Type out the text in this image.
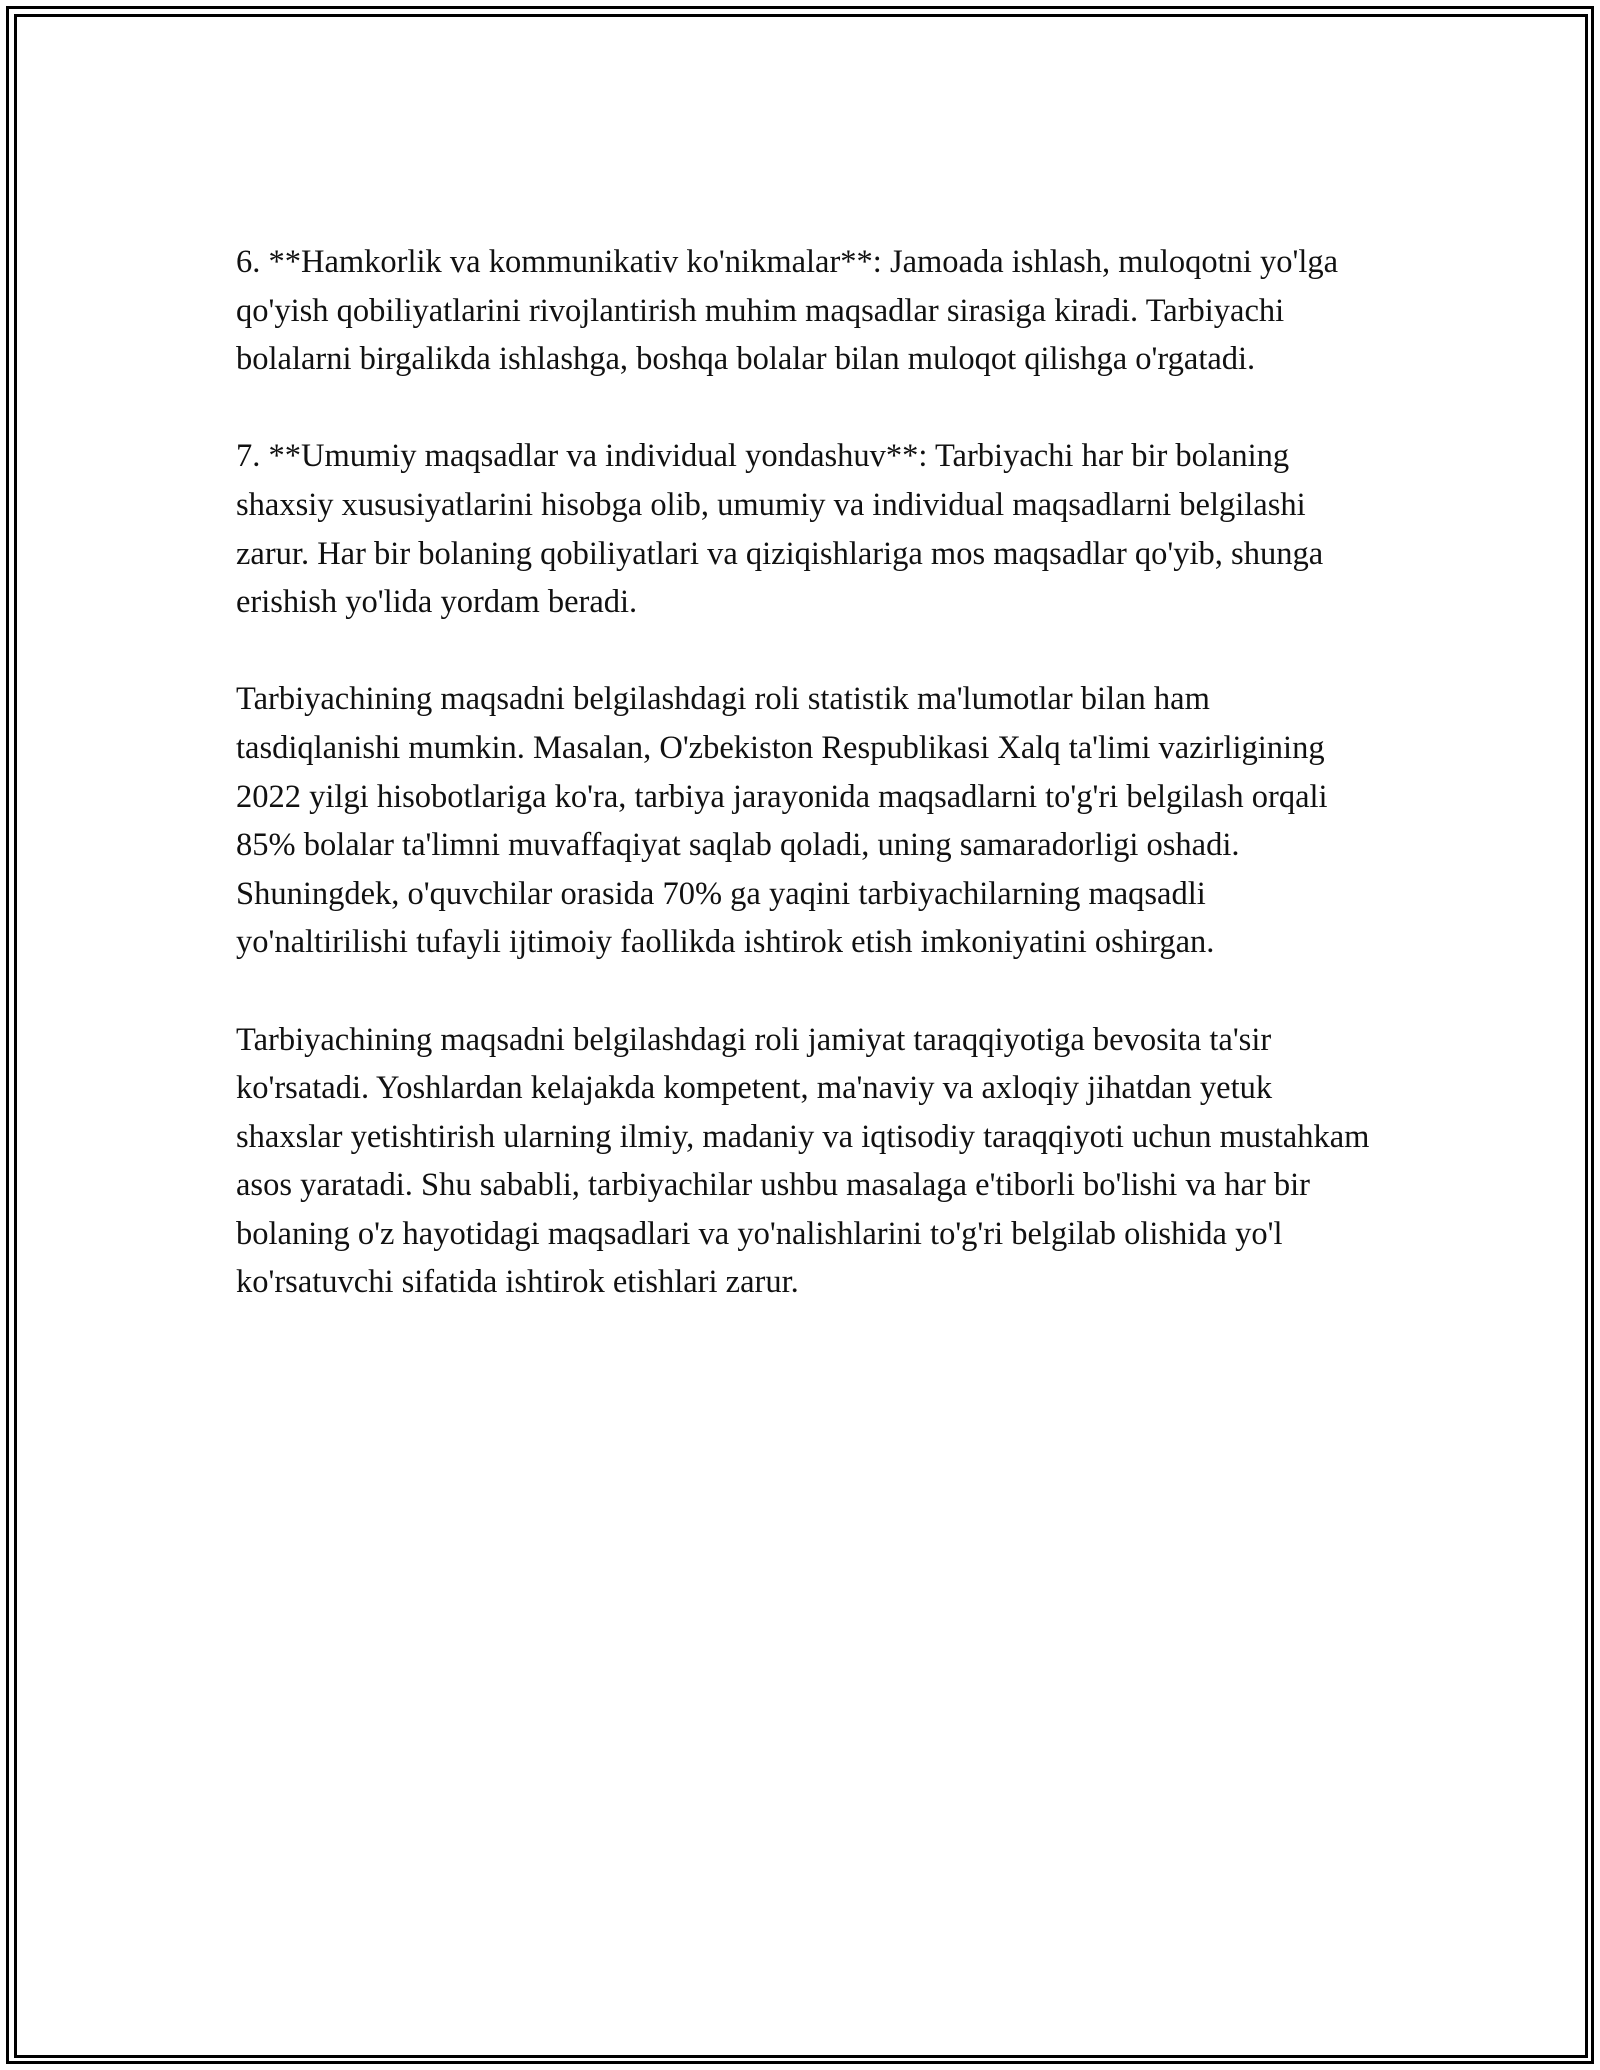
6. **Hamkorlik va kommunikativ ko'nikmalar**: Jamoada ishlash, muloqotni yo'lga qo'yish qobiliyatlarini rivojlantirish muhim maqsadlar sirasiga kiradi. Tarbiyachi bolalarni birgalikda ishlashga, boshqa bolalar bilan muloqot qilishga o'rgatadi.

7. **Umumiy maqsadlar va individual yondashuv**: Tarbiyachi har bir bolaning shaxsiy xususiyatlarini hisobga olib, umumiy va individual maqsadlarni belgilashi zarur. Har bir bolaning qobiliyatlari va qiziqishlariga mos maqsadlar qo'yib, shunga erishish yo'lida yordam beradi.

Tarbiyachining maqsadni belgilashdagi roli statistik ma'lumotlar bilan ham tasdiqlanishi mumkin. Masalan, O'zbekiston Respublikasi Xalq ta'limi vazirligining 2022 yilgi hisobotlariga ko'ra, tarbiya jarayonida maqsadlarni to'g'ri belgilash orqali 85% bolalar ta'limni muvaffaqiyat saqlab qoladi, uning samaradorligi oshadi. Shuningdek, o'quvchilar orasida 70% ga yaqini tarbiyachilarning maqsadli yo'naltirilishi tufayli ijtimoiy faollikda ishtirok etish imkoniyatini oshirgan.

Tarbiyachining maqsadni belgilashdagi roli jamiyat taraqqiyotiga bevosita ta'sir ko'rsatadi. Yoshlardan kelajakda kompetent, ma'naviy va axloqiy jihatdan yetuk shaxslar yetishtirish ularning ilmiy, madaniy va iqtisodiy taraqqiyoti uchun mustahkam asos yaratadi. Shu sababli, tarbiyachilar ushbu masalaga e'tiborli bo'lishi va har bir bolaning o'z hayotidagi maqsadlari va yo'nalishlarini to'g'ri belgilab olishida yo'l ko'rsatuvchi sifatida ishtirok etishlari zarur.
